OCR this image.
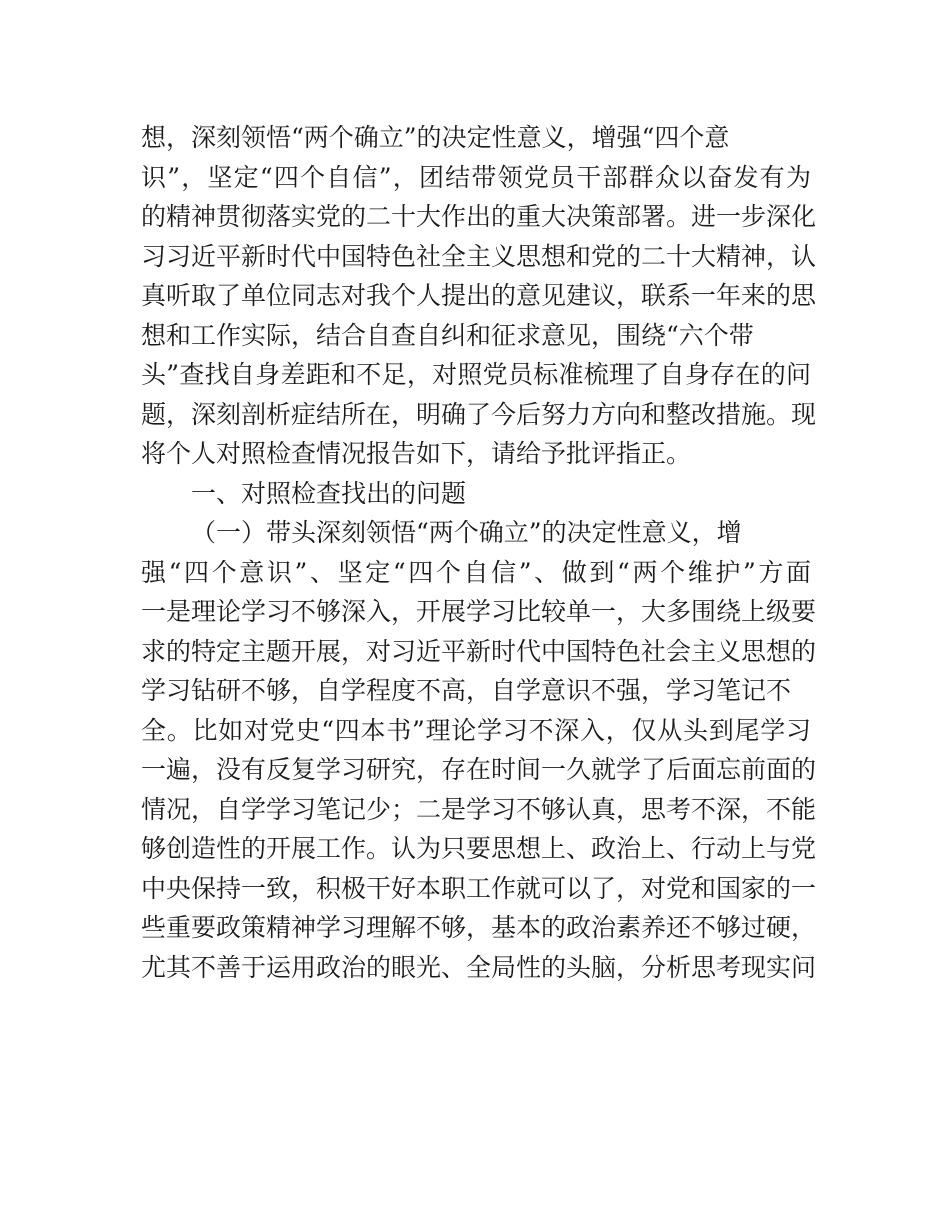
想，深刻领悟“两个确立”的决定性意义，增强“四个意
识”，坚定“四个自信”，团结带领党员干部群众以奋发有为
的精神贯彻落实党的二十大作出的重大决策部署。进一步深化
习习近平新时代中国特色社全主义思想和党的二十大精神，认
真听取了单位同志对我个人提出的意见建议，联系一年来的思
想和工作实际，结合自查自纠和征求意见，围绕“六个带
头”查找自身差距和不足，对照党员标准梳理了自身存在的问
题，深刻剖析症结所在，明确了今后努力方向和整改措施。现
将个人对照检查情况报告如下，请给予批评指正。
一、对照检查找出的问题
（一）带头深刻领悟“两个确立”的决定性意义，增
强“四个意识”、坚定“四个自信”、做到“两个维护”方面
一是理论学习不够深入，开展学习比较单一，大多围绕上级要
求的特定主题开展，对习近平新时代中国特色社会主义思想的
学习钻研不够，自学程度不高，自学意识不强，学习笔记不
全。比如对党史“四本书”理论学习不深入，仅从头到尾学习
一遍，没有反复学习研究，存在时间一久就学了后面忘前面的
情况，自学学习笔记少；二是学习不够认真，思考不深，不能
够创造性的开展工作。认为只要思想上、政治上、行动上与党
中央保持一致，积极干好本职工作就可以了，对党和国家的一
些重要政策精神学习理解不够，基本的政治素养还不够过硬，
尤其不善于运用政治的眼光、全局性的头脑，分析思考现实问
